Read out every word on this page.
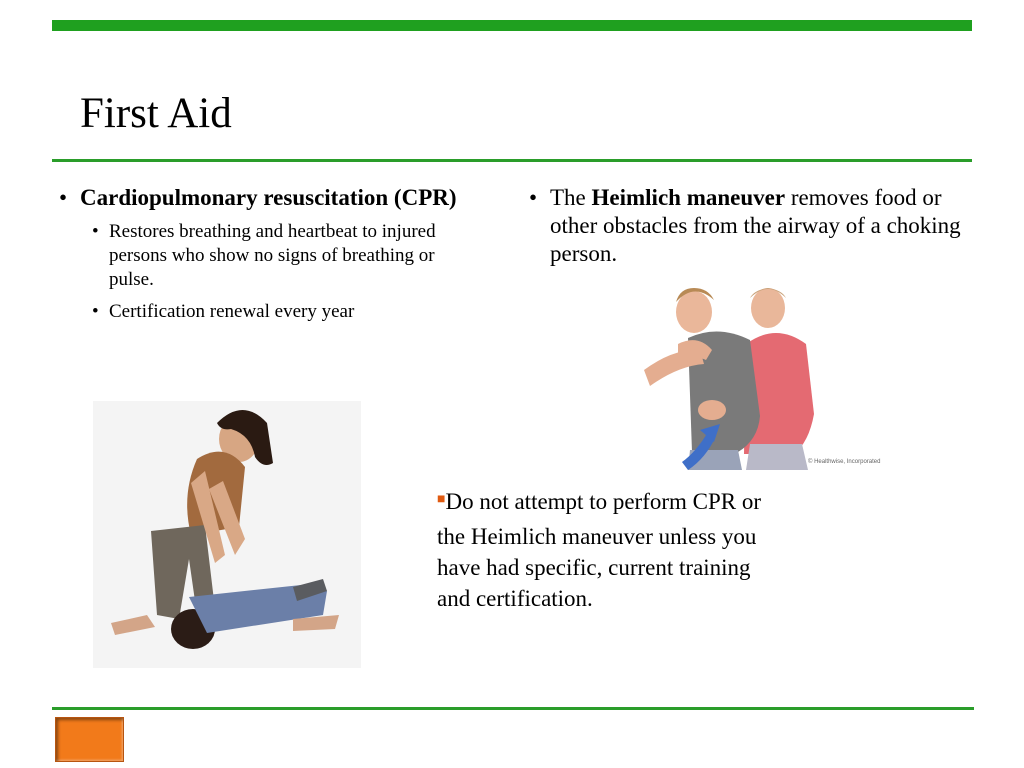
First Aid
• Cardiopulmonary resuscitation (CPR)
• Restores breathing and heartbeat to injured persons who show no signs of breathing or pulse.
• Certification renewal every year
• The Heimlich maneuver removes food or other obstacles from the airway of a choking person.
© Healthwise, Incorporated
■Do not attempt to perform CPR or the Heimlich maneuver unless you have had specific, current training and certification.
